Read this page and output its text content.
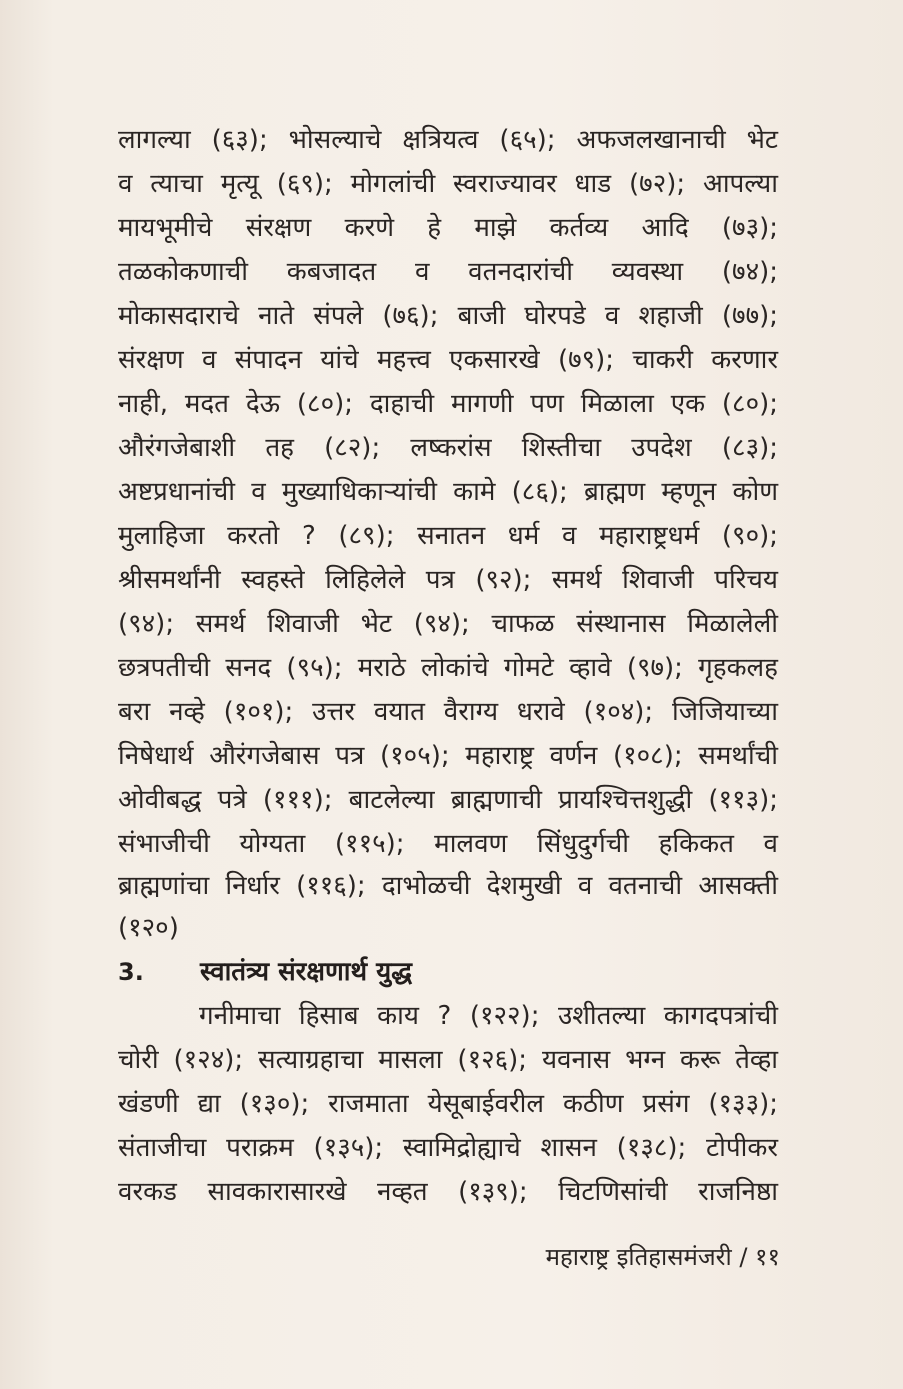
लागल्या (६३); भोसल्याचे क्षत्रियत्व (६५); अफजलखानाची भेट
व त्याचा मृत्यू (६९); मोगलांची स्वराज्यावर धाड (७२); आपल्या
मायभूमीचे संरक्षण करणे हे माझे कर्तव्य आदि (७३);
तळकोकणाची कबजादत व वतनदारांची व्यवस्था (७४);
मोकासदाराचे नाते संपले (७६); बाजी घोरपडे व शहाजी (७७);
संरक्षण व संपादन यांचे महत्त्व एकसारखे (७९); चाकरी करणार
नाही, मदत देऊ (८०); दाहाची मागणी पण मिळाला एक (८०);
औरंगजेबाशी तह (८२); लष्करांस शिस्तीचा उपदेश (८३);
अष्टप्रधानांची व मुख्याधिकाऱ्यांची कामे (८६); ब्राह्मण म्हणून कोण
मुलाहिजा करतो ? (८९); सनातन धर्म व महाराष्ट्रधर्म (९०);
श्रीसमर्थांनी स्वहस्ते लिहिलेले पत्र (९२); समर्थ शिवाजी परिचय
(९४); समर्थ शिवाजी भेट (९४); चाफळ संस्थानास मिळालेली
छत्रपतीची सनद (९५); मराठे लोकांचे गोमटे व्हावे (९७); गृहकलह
बरा नव्हे (१०१); उत्तर वयात वैराग्य धरावे (१०४); जिजियाच्या
निषेधार्थ औरंगजेबास पत्र (१०५); महाराष्ट्र वर्णन (१०८); समर्थांची
ओवीबद्ध पत्रे (१११); बाटलेल्या ब्राह्मणाची प्रायश्चित्तशुद्धी (११३);
संभाजीची योग्यता (११५); मालवण सिंधुदुर्गची हकिकत व
ब्राह्मणांचा निर्धार (११६); दाभोळची देशमुखी व वतनाची आसक्ती
(१२०)
3. स्वातंत्र्य संरक्षणार्थ युद्ध
गनीमाचा हिसाब काय ? (१२२); उशीतल्या कागदपत्रांची
चोरी (१२४); सत्याग्रहाचा मासला (१२६); यवनास भग्न करू तेव्हा
खंडणी द्या (१३०); राजमाता येसूबाईवरील कठीण प्रसंग (१३३);
संताजीचा पराक्रम (१३५); स्वामिद्रोह्याचे शासन (१३८); टोपीकर
वरकड सावकारासारखे नव्हत (१३९); चिटणिसांची राजनिष्ठा
महाराष्ट्र इतिहासमंजरी / ११
